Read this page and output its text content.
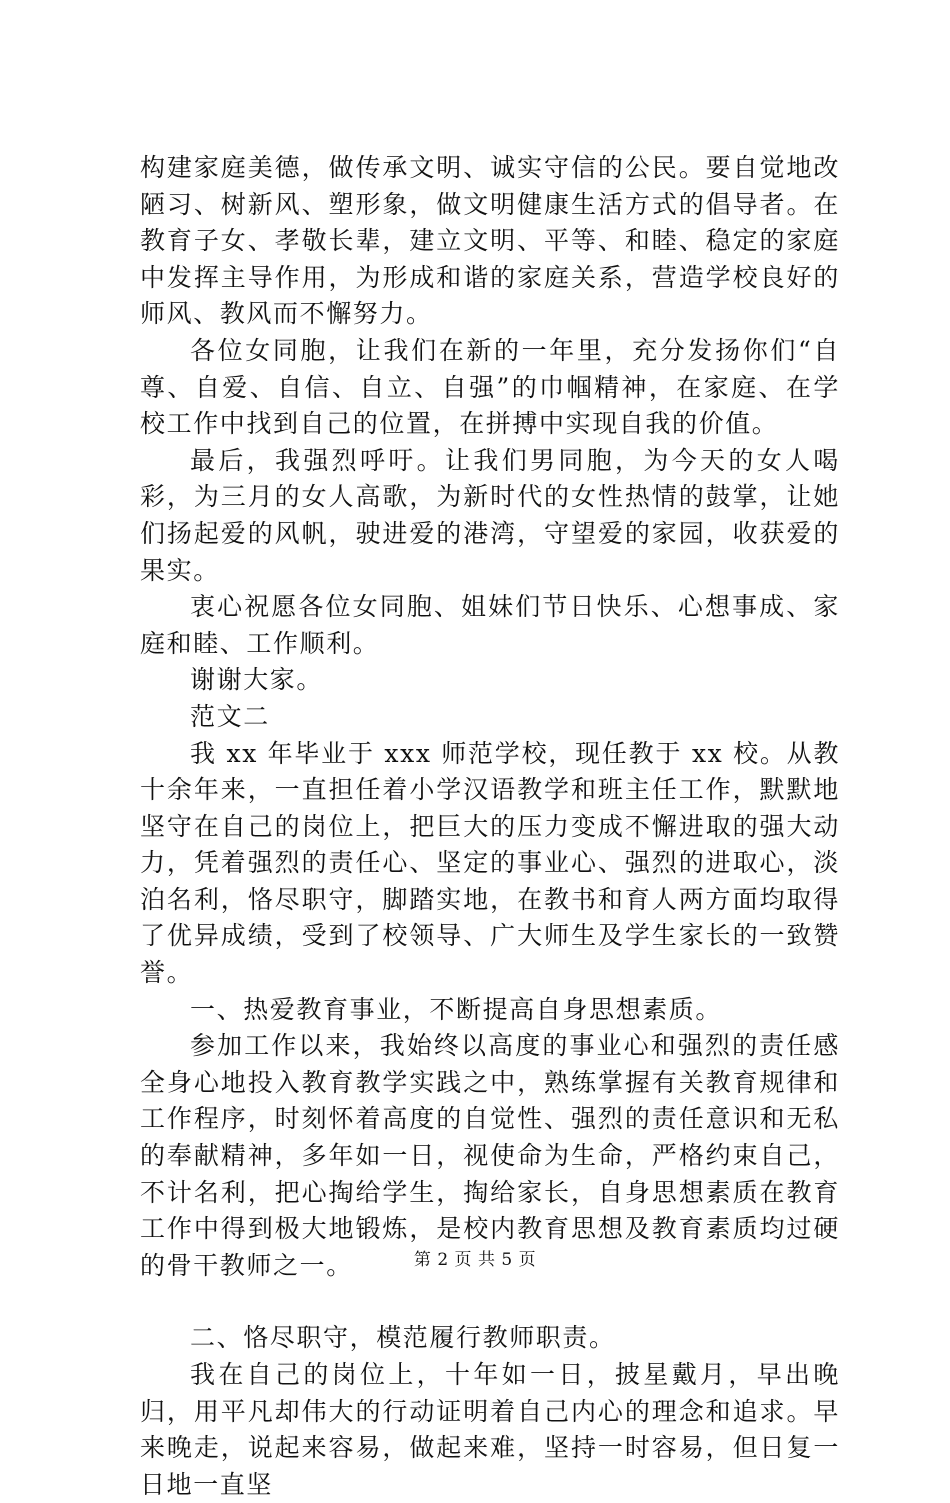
构建家庭美德，做传承文明、诚实守信的公民。要自觉地改陋习、树新风、塑形象，做文明健康生活方式的倡导者。在教育子女、孝敬长辈，建立文明、平等、和睦、稳定的家庭中发挥主导作用，为形成和谐的家庭关系，营造学校良好的师风、教风而不懈努力。

各位女同胞，让我们在新的一年里，充分发扬你们“自尊、自爱、自信、自立、自强”的巾帼精神，在家庭、在学校工作中找到自己的位置，在拼搏中实现自我的价值。

最后，我强烈呼吁。让我们男同胞，为今天的女人喝彩，为三月的女人高歌，为新时代的女性热情的鼓掌，让她们扬起爱的风帆，驶进爱的港湾，守望爱的家园，收获爱的果实。

衷心祝愿各位女同胞、姐妹们节日快乐、心想事成、家庭和睦、工作顺利。

谢谢大家。

范文二

我 xx 年毕业于 xxx 师范学校，现任教于 xx 校。从教十余年来，一直担任着小学汉语教学和班主任工作，默默地坚守在自己的岗位上，把巨大的压力变成不懈进取的强大动力，凭着强烈的责任心、坚定的事业心、强烈的进取心，淡泊名利，恪尽职守，脚踏实地，在教书和育人两方面均取得了优异成绩，受到了校领导、广大师生及学生家长的一致赞誉。

一、热爱教育事业，不断提高自身思想素质。

参加工作以来，我始终以高度的事业心和强烈的责任感全身心地投入教育教学实践之中，熟练掌握有关教育规律和工作程序，时刻怀着高度的自觉性、强烈的责任意识和无私的奉献精神，多年如一日，视使命为生命，严格约束自己，不计名利，把心掏给学生，掏给家长，自身思想素质在教育工作中得到极大地锻炼，是校内教育思想及教育素质均过硬的骨干教师之一。

二、恪尽职守，模范履行教师职责。

我在自己的岗位上，十年如一日，披星戴月，早出晚归，用平凡却伟大的行动证明着自己内心的理念和追求。早来晚走，说起来容易，做起来难，坚持一时容易，但日复一日地一直坚

第 2 页 共 5 页
